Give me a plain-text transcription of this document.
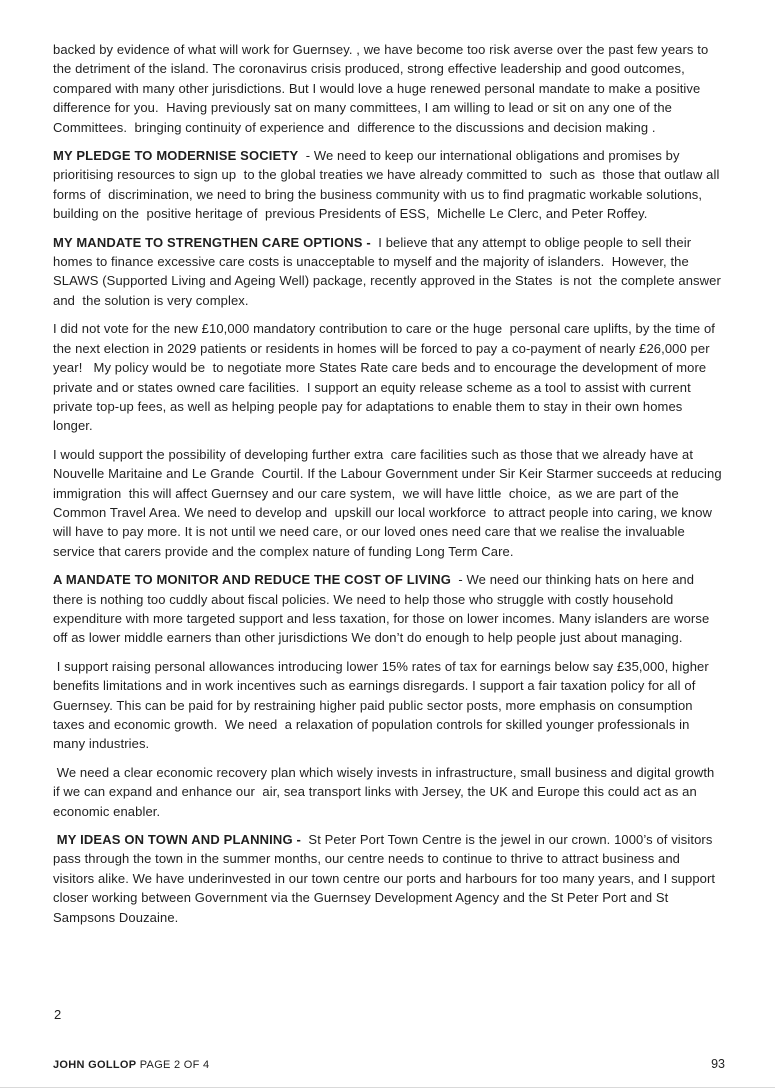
backed by evidence of what will work for Guernsey. , we have become too risk averse over the past few years to the detriment of the island. The coronavirus crisis produced, strong effective leadership and good outcomes, compared with many other jurisdictions. But I would love a huge renewed personal mandate to make a positive difference for you.  Having previously sat on many committees, I am willing to lead or sit on any one of the Committees.  bringing continuity of experience and  difference to the discussions and decision making .

MY PLEDGE TO MODERNISE SOCIETY  - We need to keep our international obligations and promises by prioritising resources to sign up  to the global treaties we have already committed to  such as  those that outlaw all forms of  discrimination, we need to bring the business community with us to find pragmatic workable solutions, building on the  positive heritage of  previous Presidents of ESS,  Michelle Le Clerc, and Peter Roffey.

MY MANDATE TO STRENGTHEN CARE OPTIONS -  I believe that any attempt to oblige people to sell their homes to finance excessive care costs is unacceptable to myself and the majority of islanders.  However, the SLAWS (Supported Living and Ageing Well) package, recently approved in the States  is not  the complete answer and  the solution is very complex.

I did not vote for the new £10,000 mandatory contribution to care or the huge  personal care uplifts, by the time of the next election in 2029 patients or residents in homes will be forced to pay a co-payment of nearly £26,000 per year!   My policy would be  to negotiate more States Rate care beds and to encourage the development of more private and or states owned care facilities.  I support an equity release scheme as a tool to assist with current private top-up fees, as well as helping people pay for adaptations to enable them to stay in their own homes longer.

I would support the possibility of developing further extra  care facilities such as those that we already have at Nouvelle Maritaine and Le Grande  Courtil. If the Labour Government under Sir Keir Starmer succeeds at reducing  immigration  this will affect Guernsey and our care system,  we will have little  choice,  as we are part of the Common Travel Area. We need to develop and  upskill our local workforce  to attract people into caring, we know will have to pay more. It is not until we need care, or our loved ones need care that we realise the invaluable service that carers provide and the complex nature of funding Long Term Care.

A MANDATE TO MONITOR AND REDUCE THE COST OF LIVING  - We need our thinking hats on here and there is nothing too cuddly about fiscal policies. We need to help those who struggle with costly household expenditure with more targeted support and less taxation, for those on lower incomes. Many islanders are worse off as lower middle earners than other jurisdictions We don’t do enough to help people just about managing.

I support raising personal allowances introducing lower 15% rates of tax for earnings below say £35,000, higher benefits limitations and in work incentives such as earnings disregards. I support a fair taxation policy for all of Guernsey. This can be paid for by restraining higher paid public sector posts, more emphasis on consumption taxes and economic growth.  We need  a relaxation of population controls for skilled younger professionals in many industries.

We need a clear economic recovery plan which wisely invests in infrastructure, small business and digital growth if we can expand and enhance our  air, sea transport links with Jersey, the UK and Europe this could act as an economic enabler.

MY IDEAS ON TOWN AND PLANNING -  St Peter Port Town Centre is the jewel in our crown. 1000’s of visitors pass through the town in the summer months, our centre needs to continue to thrive to attract business and visitors alike. We have underinvested in our town centre our ports and harbours for too many years, and I support closer working between Government via the Guernsey Development Agency and the St Peter Port and St Sampsons Douzaine.

2
JOHN GOLLOP PAGE 2 OF 4	93
